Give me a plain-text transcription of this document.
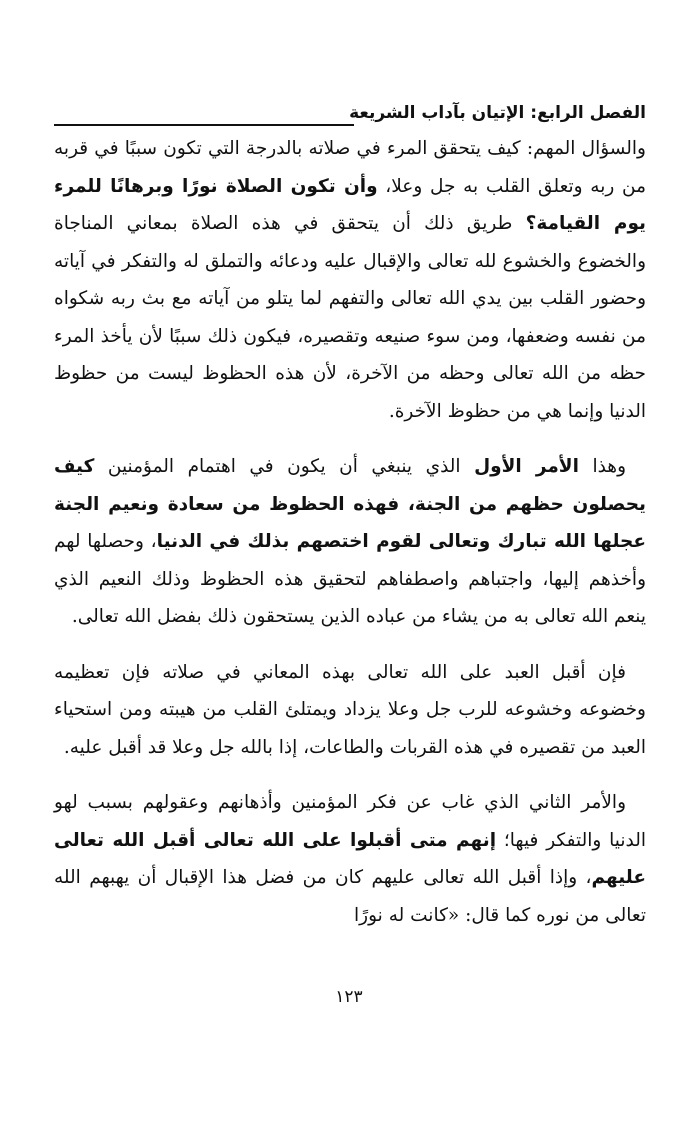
الفصل الرابع: الإتيان بآداب الشريعة

والسؤال المهم: كيف يتحقق المرء في صلاته بالدرجة التي تكون سببًا في قربه من ربه وتعلق القلب به جل وعلا، وأن تكون الصلاة نورًا وبرهانًا للمرء يوم القيامة؟ طريق ذلك أن يتحقق في هذه الصلاة بمعاني المناجاة والخضوع والخشوع لله تعالى والإقبال عليه ودعائه والتملق له والتفكر في آياته وحضور القلب بين يدي الله تعالى والتفهم لما يتلو من آياته مع بث ربه شكواه من نفسه وضعفها، ومن سوء صنيعه وتقصيره، فيكون ذلك سببًا لأن يأخذ المرء حظه من الله تعالى وحظه من الآخرة، لأن هذه الحظوظ ليست من حظوظ الدنيا وإنما هي من حظوظ الآخرة.

وهذا الأمر الأول الذي ينبغي أن يكون في اهتمام المؤمنين كيف يحصلون حظهم من الجنة، فهذه الحظوظ من سعادة ونعيم الجنة عجلها الله تبارك وتعالى لقوم اختصهم بذلك في الدنيا، وحصلها لهم وأخذهم إليها، واجتباهم واصطفاهم لتحقيق هذه الحظوظ وذلك النعيم الذي ينعم الله تعالى به من يشاء من عباده الذين يستحقون ذلك بفضل الله تعالى.

فإن أقبل العبد على الله تعالى بهذه المعاني في صلاته فإن تعظيمه وخضوعه وخشوعه للرب جل وعلا يزداد ويمتلئ القلب من هيبته ومن استحياء العبد من تقصيره في هذه القربات والطاعات، إذا بالله جل وعلا قد أقبل عليه.

والأمر الثاني الذي غاب عن فكر المؤمنين وأذهانهم وعقولهم بسبب لهو الدنيا والتفكر فيها؛ إنهم متى أقبلوا على الله تعالى أقبل الله تعالى عليهم، وإذا أقبل الله تعالى عليهم كان من فضل هذا الإقبال أن يهبهم الله تعالى من نوره كما قال: «كانت له نورًا

١٢٣
